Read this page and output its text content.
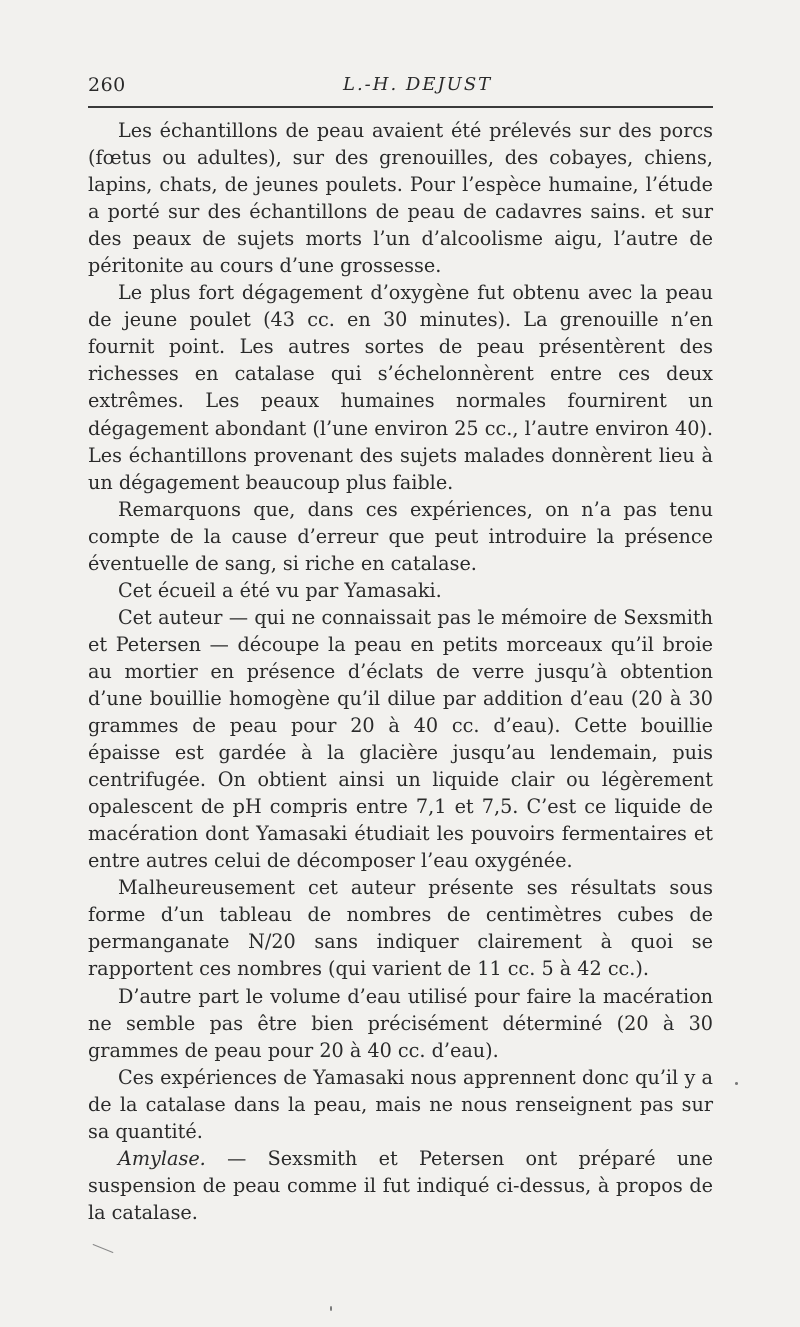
260	L.-H. DEJUST

Les échantillons de peau avaient été prélevés sur des porcs (fœtus ou adultes), sur des grenouilles, des cobayes, chiens, lapins, chats, de jeunes poulets. Pour l’espèce humaine, l’étude a porté sur des échantillons de peau de cadavres sains. et sur des peaux de sujets morts l’un d’alcoolisme aigu, l’autre de péritonite au cours d’une grossesse.

Le plus fort dégagement d’oxygène fut obtenu avec la peau de jeune poulet (43 cc. en 30 minutes). La grenouille n’en fournit point. Les autres sortes de peau présentèrent des richesses en catalase qui s’échelonnèrent entre ces deux extrêmes. Les peaux humaines normales fournirent un dégagement abondant (l’une environ 25 cc., l’autre environ 40). Les échantillons provenant des sujets malades donnèrent lieu à un dégagement beaucoup plus faible.

Remarquons que, dans ces expériences, on n’a pas tenu compte de la cause d’erreur que peut introduire la présence éventuelle de sang, si riche en catalase.

Cet écueil a été vu par Yamasaki.

Cet auteur — qui ne connaissait pas le mémoire de Sexsmith et Petersen — découpe la peau en petits morceaux qu’il broie au mortier en présence d’éclats de verre jusqu’à obtention d’une bouillie homogène qu’il dilue par addition d’eau (20 à 30 grammes de peau pour 20 à 40 cc. d’eau). Cette bouillie épaisse est gardée à la glacière jusqu’au lendemain, puis centrifugée. On obtient ainsi un liquide clair ou légèrement opalescent de pH compris entre 7,1 et 7,5. C’est ce liquide de macération dont Yamasaki étudiait les pouvoirs fermentaires et entre autres celui de décomposer l’eau oxygénée.

Malheureusement cet auteur présente ses résultats sous forme d’un tableau de nombres de centimètres cubes de permanganate N/20 sans indiquer clairement à quoi se rapportent ces nombres (qui varient de 11 cc. 5 à 42 cc.).

D’autre part le volume d’eau utilisé pour faire la macération ne semble pas être bien précisément déterminé (20 à 30 grammes de peau pour 20 à 40 cc. d’eau).

Ces expériences de Yamasaki nous apprennent donc qu’il y a de la catalase dans la peau, mais ne nous renseignent pas sur sa quantité.

Amylase. — Sexsmith et Petersen ont préparé une suspension de peau comme il fut indiqué ci-dessus, à propos de la catalase.
